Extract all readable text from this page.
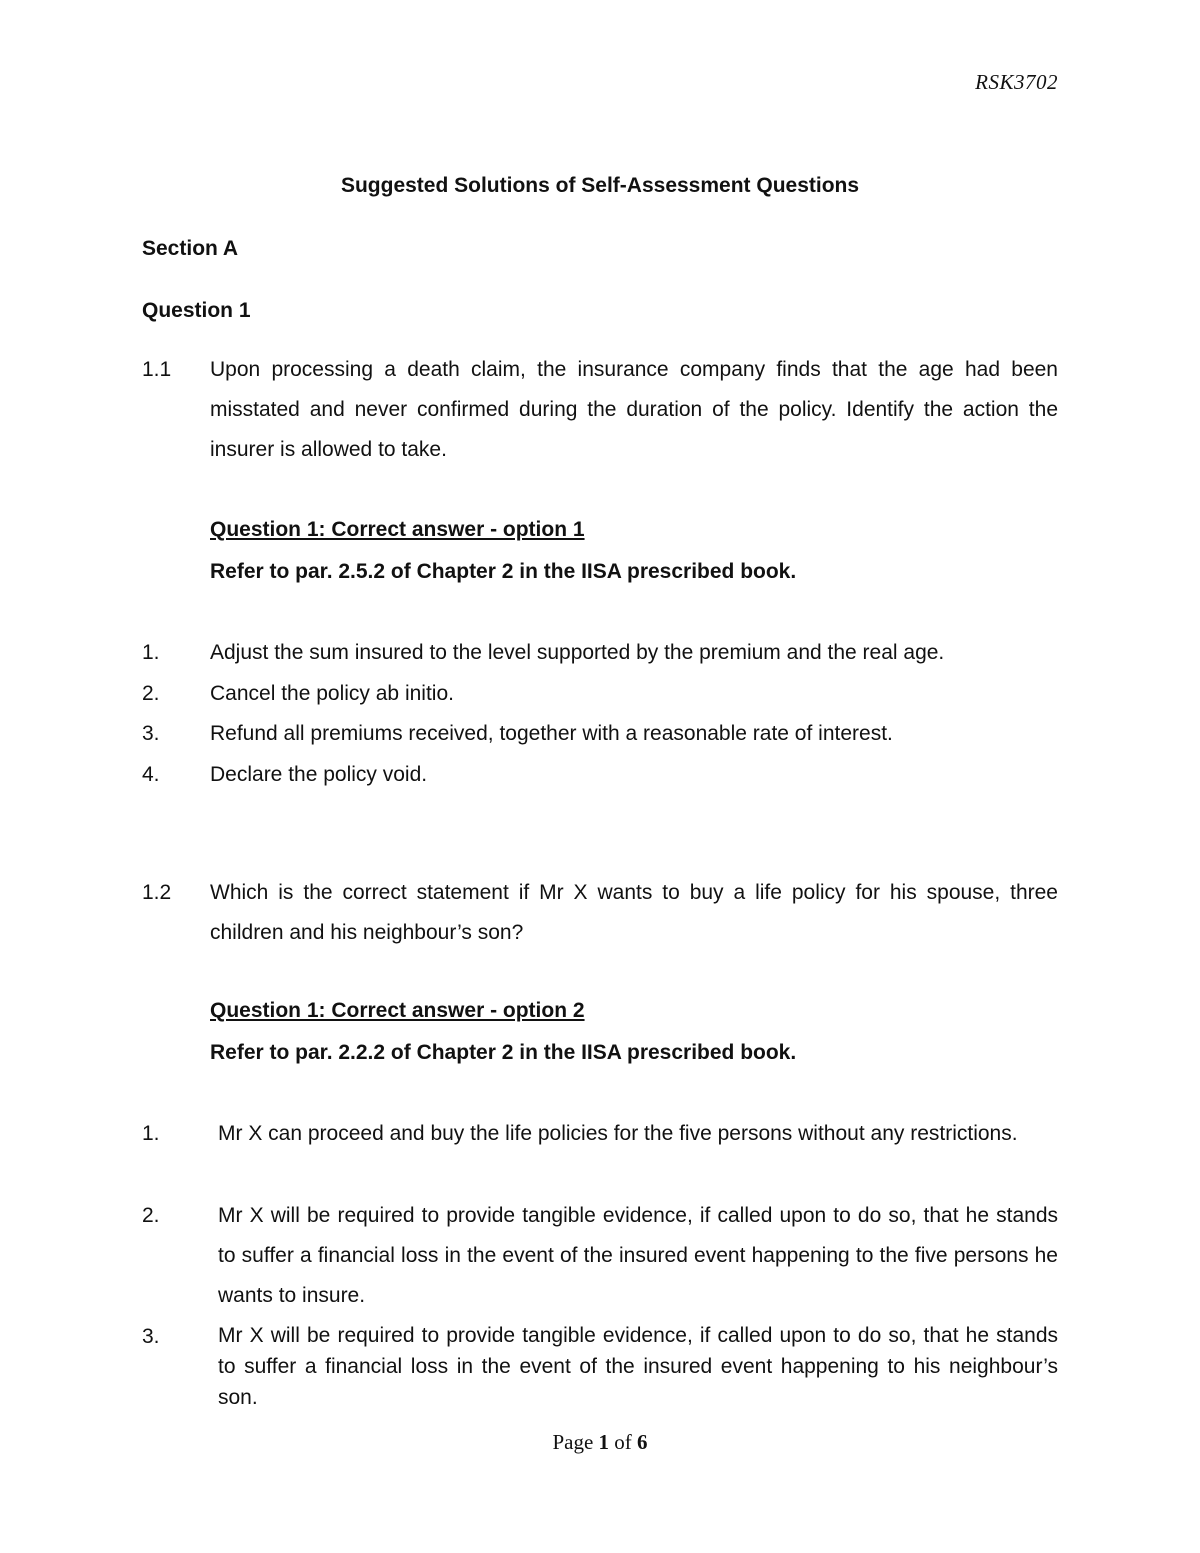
RSK3702
Suggested Solutions of Self-Assessment Questions
Section A
Question 1
1.1 Upon processing a death claim, the insurance company finds that the age had been misstated and never confirmed during the duration of the policy. Identify the action the insurer is allowed to take.
Question 1: Correct answer - option 1
Refer to par. 2.5.2 of Chapter 2 in the IISA prescribed book.
1. Adjust the sum insured to the level supported by the premium and the real age.
2. Cancel the policy ab initio.
3. Refund all premiums received, together with a reasonable rate of interest.
4. Declare the policy void.
1.2 Which is the correct statement if Mr X wants to buy a life policy for his spouse, three children and his neighbour’s son?
Question 1: Correct answer - option 2
Refer to par. 2.2.2 of Chapter 2 in the IISA prescribed book.
1.	Mr X can proceed and buy the life policies for the five persons without any restrictions.
2.	Mr X will be required to provide tangible evidence, if called upon to do so, that he stands to suffer a financial loss in the event of the insured event happening to the five persons he wants to insure.
3.	Mr X will be required to provide tangible evidence, if called upon to do so, that he stands to suffer a financial loss in the event of the insured event happening to his neighbour’s son.
Page 1 of 6
